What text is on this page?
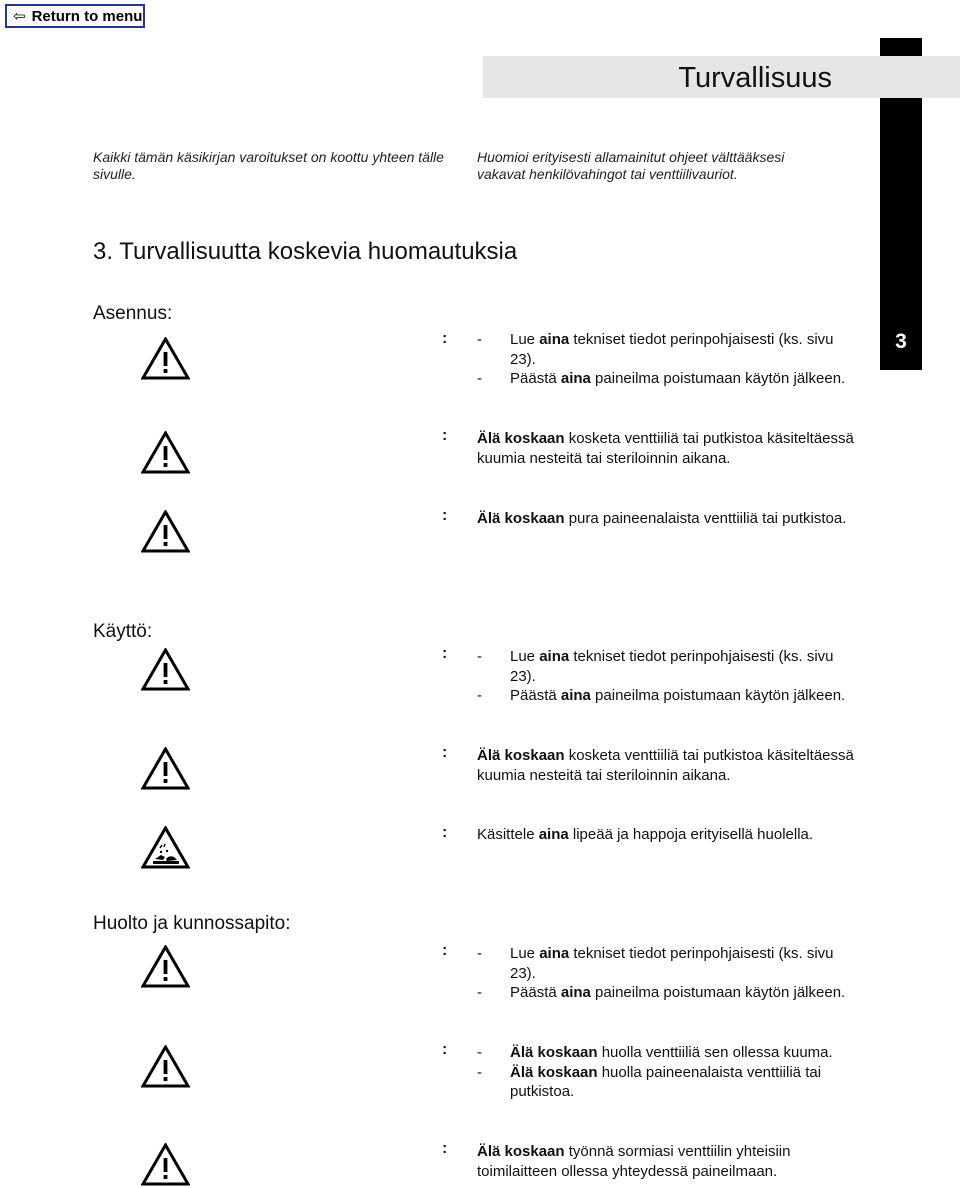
⇦ Return to menu
Turvallisuus
3
Kaikki tämän käsikirjan varoitukset on koottu yhteen tälle sivulle.
Huomioi erityisesti allamainitut ohjeet välttääksesi vakavat henkilövahingot tai venttiilivauriot.
3. Turvallisuutta koskevia huomautuksia
Asennus:
: -	Lue aina tekniset tiedot perinpohjaisesti (ks. sivu 23).
-	Päästä aina paineilma poistumaan käytön jälkeen.
: Älä koskaan kosketa venttiiliä tai putkistoa käsiteltäessä kuumia nesteitä tai steriloinnin aikana.
: Älä koskaan pura paineenalaista venttiiliä tai putkistoa.
Käyttö:
: -	Lue aina tekniset tiedot perinpohjaisesti (ks. sivu 23).
-	Päästä aina paineilma poistumaan käytön jälkeen.
: Älä koskaan kosketa venttiiliä tai putkistoa käsiteltäessä kuumia nesteitä tai steriloinnin aikana.
: Käsittele aina lipeää ja happoja erityisellä huolella.
Huolto ja kunnossapito:
: -	Lue aina tekniset tiedot perinpohjaisesti (ks. sivu 23).
-	Päästä aina paineilma poistumaan käytön jälkeen.
: -	Älä koskaan huolla venttiiliä sen ollessa kuuma.
-	Älä koskaan huolla paineenalaista venttiiliä tai putkistoa.
: Älä koskaan työnnä sormiasi venttiilin yhteisiin toimilaitteen ollessa yhteydessä paineilmaan.
